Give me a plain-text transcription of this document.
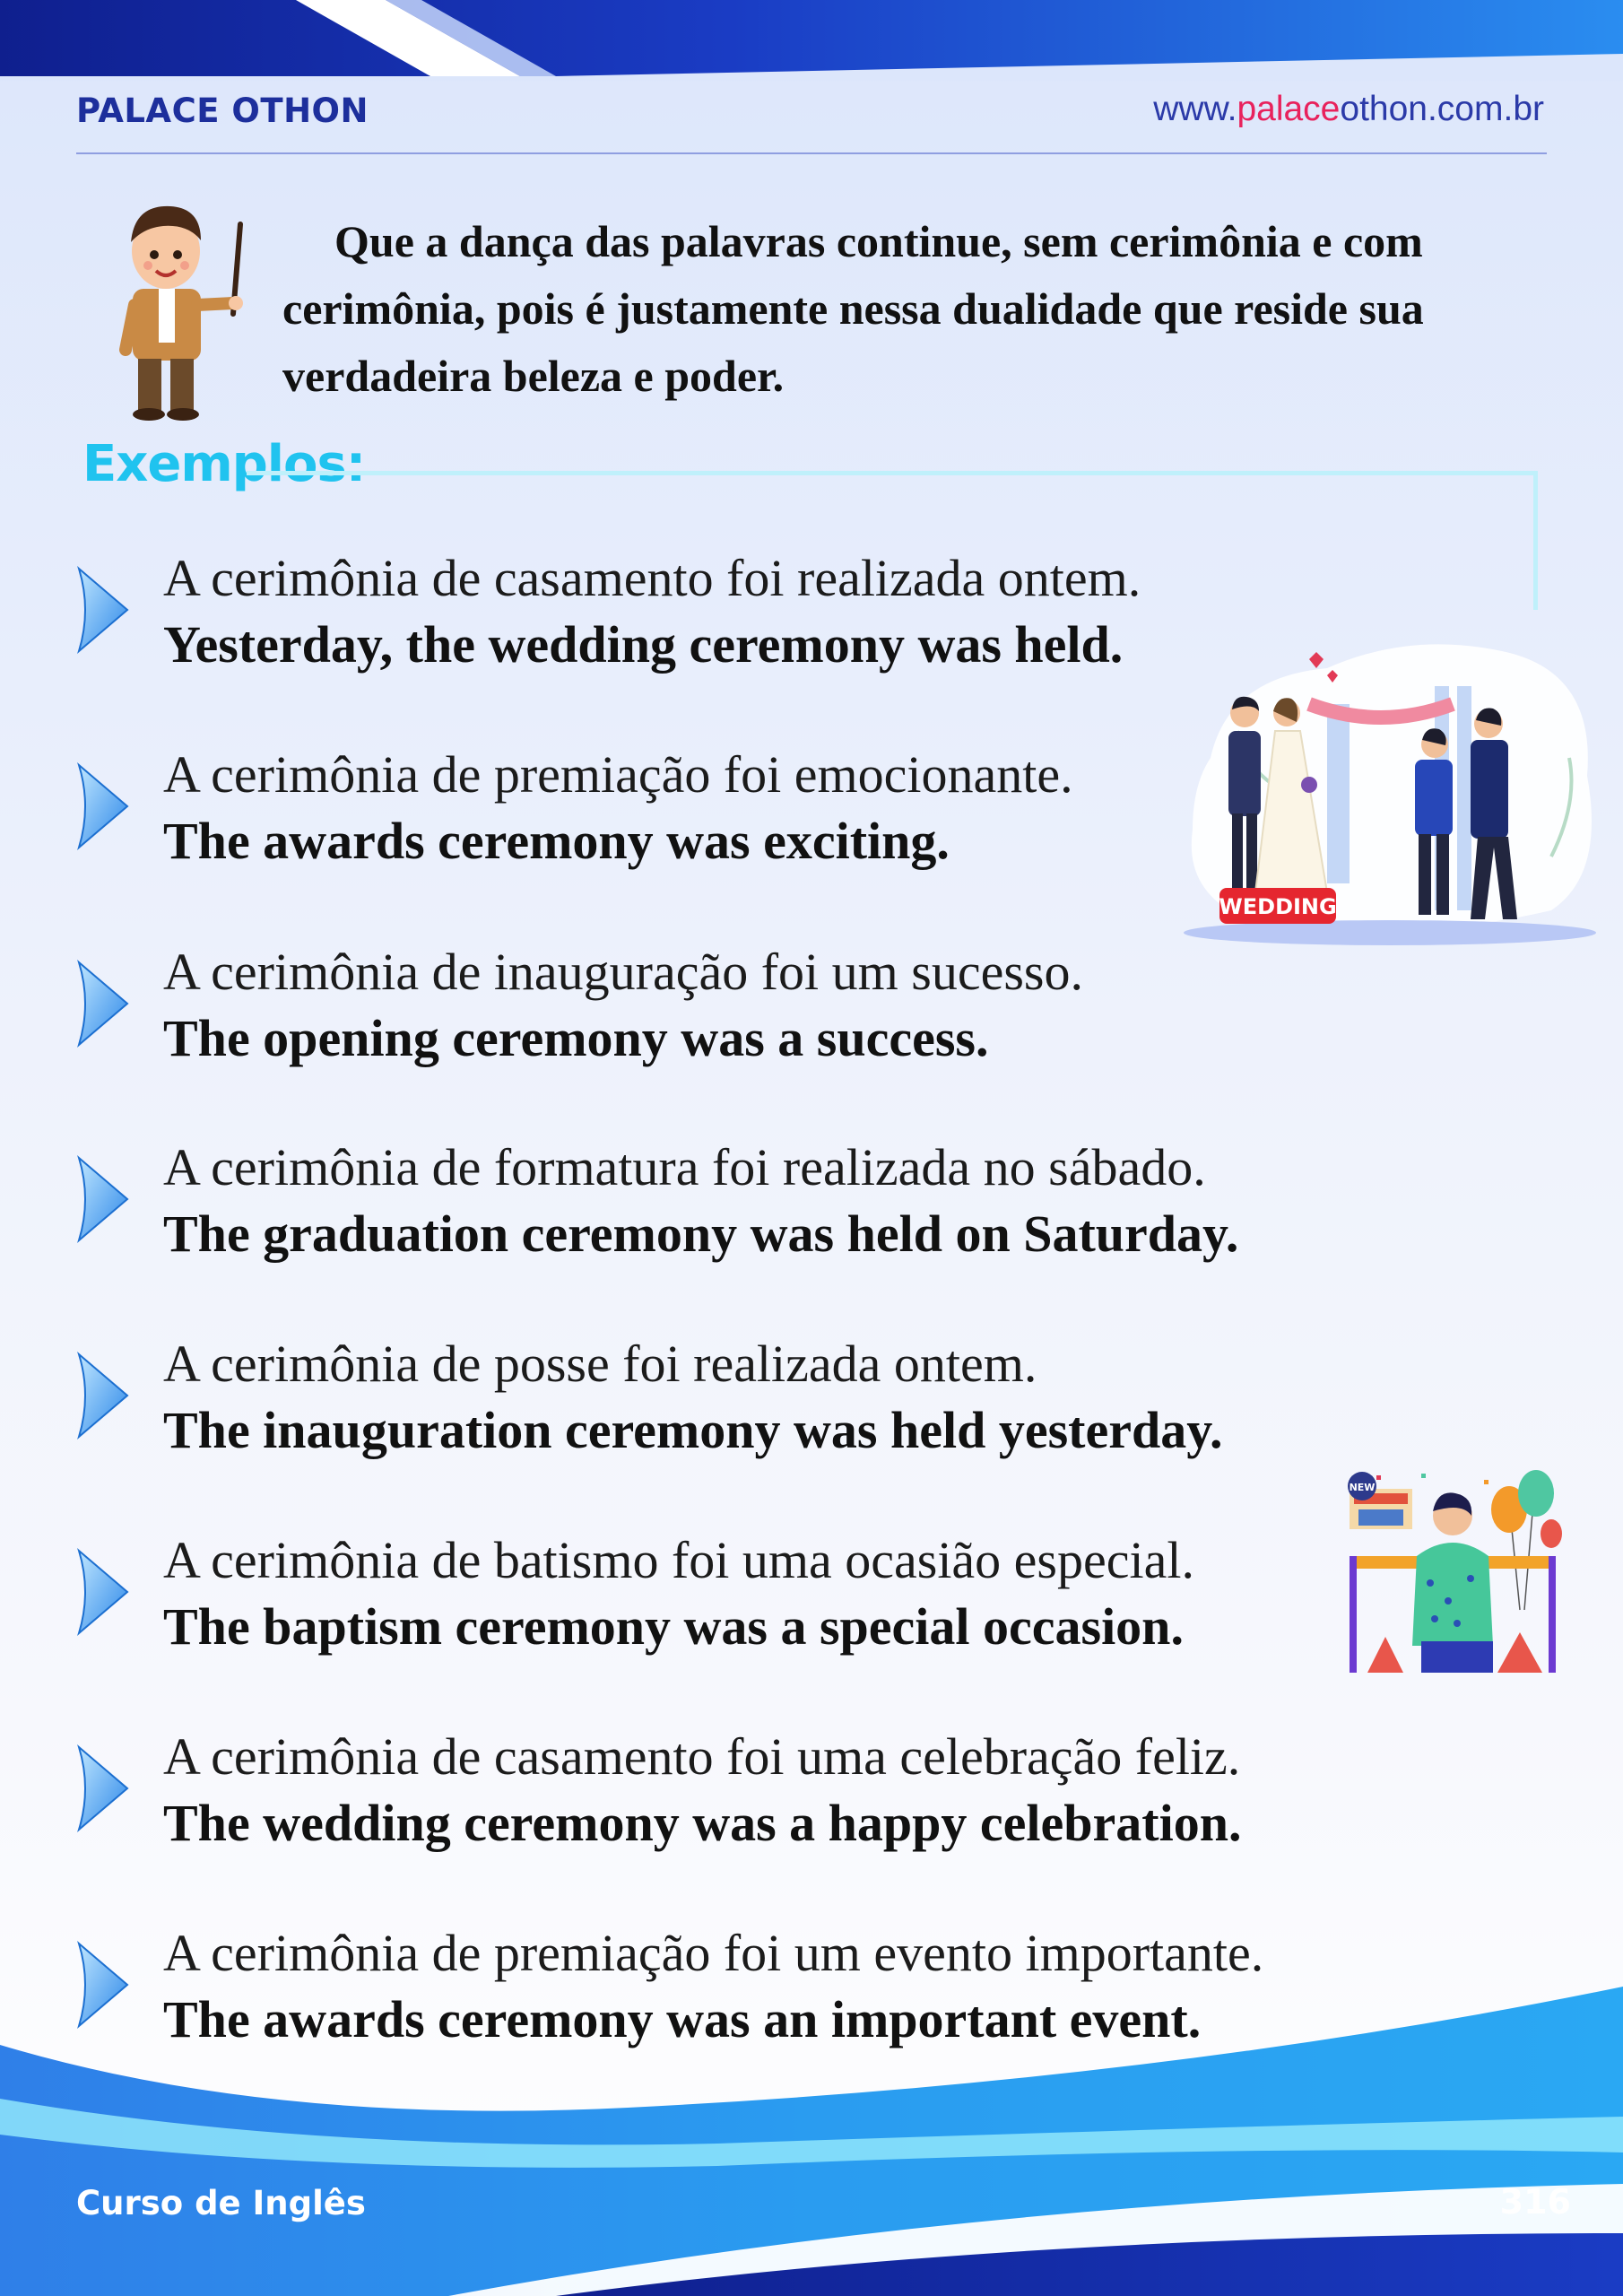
PALACE OTHON	www.palaceothon.com.br
Que a dança das palavras continue, sem cerimônia e com cerimônia, pois é justamente nessa dualidade que reside sua verdadeira beleza e poder.
Exemplos:
A cerimônia de casamento foi realizada ontem.
Yesterday, the wedding ceremony was held.
A cerimônia de premiação foi emocionante.
The awards ceremony was exciting.
A cerimônia de inauguração foi um sucesso.
The opening ceremony was a success.
A cerimônia de formatura foi realizada no sábado.
The graduation ceremony was held on Saturday.
A cerimônia de posse foi realizada ontem.
The inauguration ceremony was held yesterday.
A cerimônia de batismo foi uma ocasião especial.
The baptism ceremony was a special occasion.
A cerimônia de casamento foi uma celebração feliz.
The wedding ceremony was a happy celebration.
A cerimônia de premiação foi um evento importante.
The awards ceremony was an important event.
WEDDING
NEW
Curso de Inglês	316
